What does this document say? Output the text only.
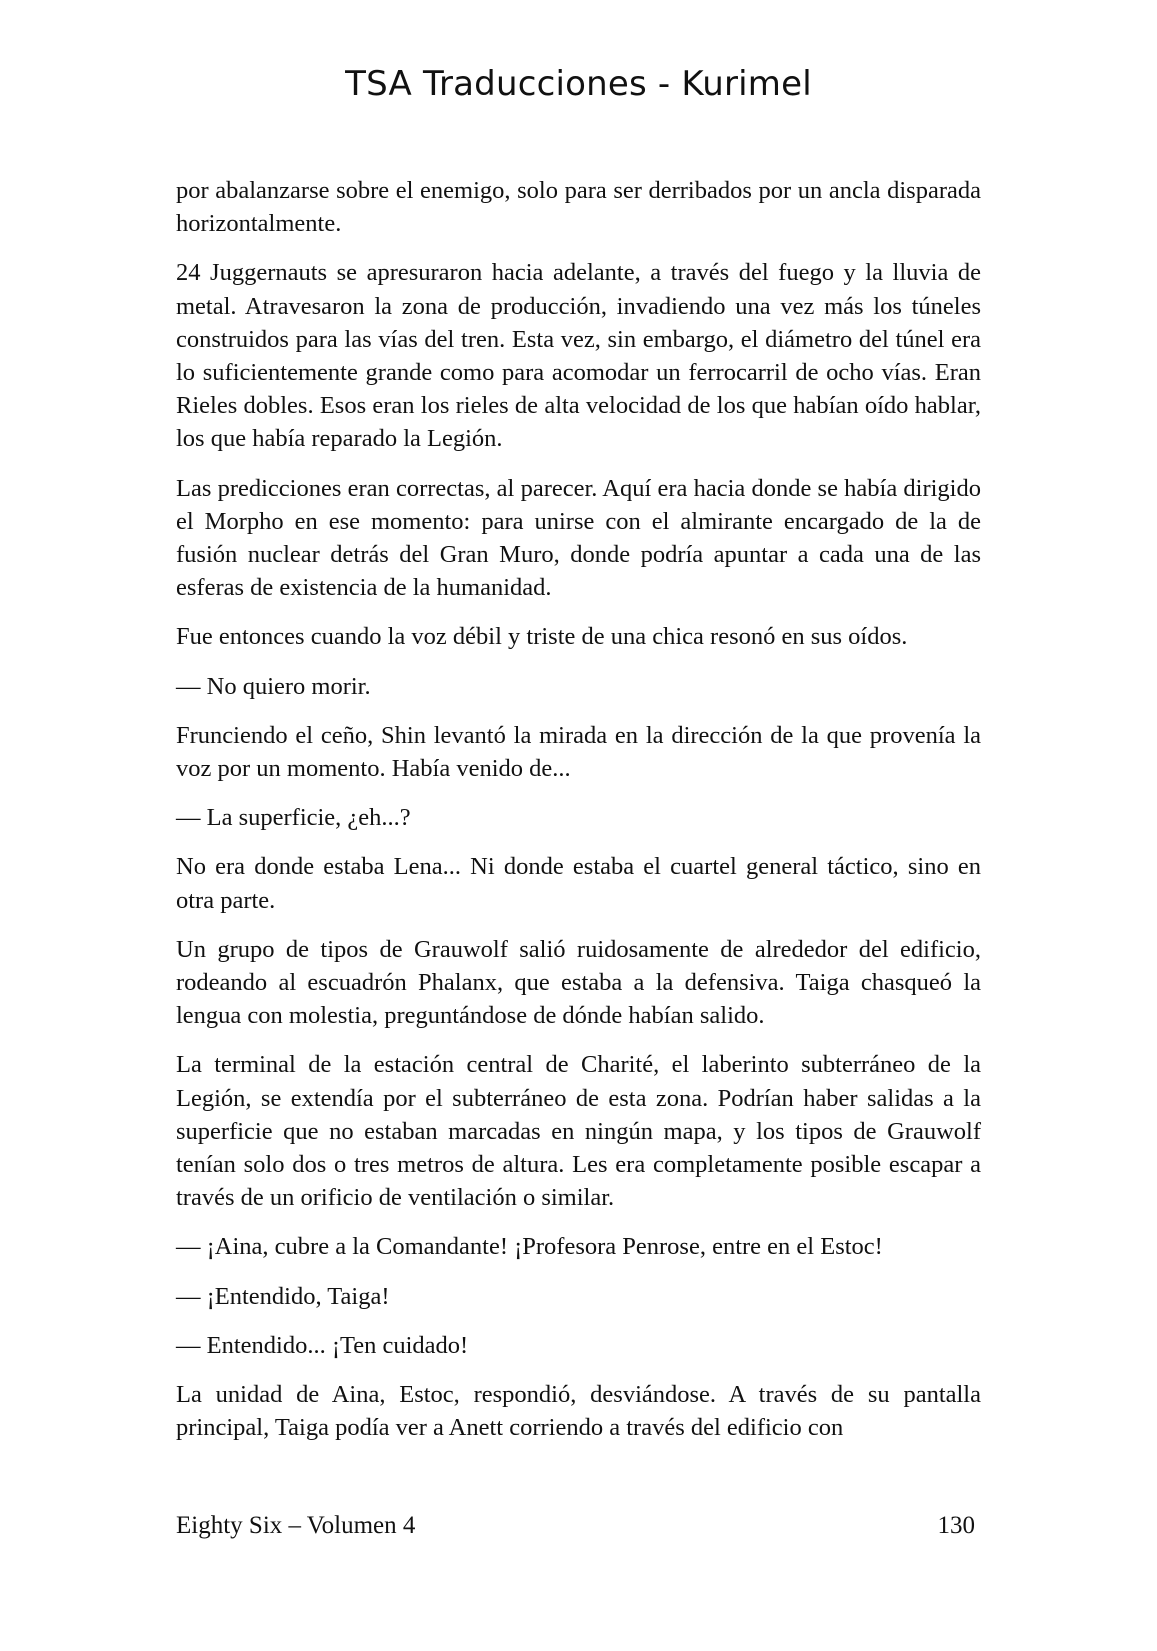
TSA Traducciones - Kurimel

por abalanzarse sobre el enemigo, solo para ser derribados por un ancla disparada horizontalmente.

24 Juggernauts se apresuraron hacia adelante, a través del fuego y la lluvia de metal. Atravesaron la zona de producción, invadiendo una vez más los túneles construidos para las vías del tren. Esta vez, sin embargo, el diámetro del túnel era lo suficientemente grande como para acomodar un ferrocarril de ocho vías. Eran Rieles dobles. Esos eran los rieles de alta velocidad de los que habían oído hablar, los que había reparado la Legión.

Las predicciones eran correctas, al parecer. Aquí era hacia donde se había dirigido el Morpho en ese momento: para unirse con el almirante encargado de la de fusión nuclear detrás del Gran Muro, donde podría apuntar a cada una de las esferas de existencia de la humanidad.

Fue entonces cuando la voz débil y triste de una chica resonó en sus oídos.

— No quiero morir.

Frunciendo el ceño, Shin levantó la mirada en la dirección de la que provenía la voz por un momento. Había venido de...

— La superficie, ¿eh...?

No era donde estaba Lena... Ni donde estaba el cuartel general táctico, sino en otra parte.

Un grupo de tipos de Grauwolf salió ruidosamente de alrededor del edificio, rodeando al escuadrón Phalanx, que estaba a la defensiva. Taiga chasqueó la lengua con molestia, preguntándose de dónde habían salido.

La terminal de la estación central de Charité, el laberinto subterráneo de la Legión, se extendía por el subterráneo de esta zona. Podrían haber salidas a la superficie que no estaban marcadas en ningún mapa, y los tipos de Grauwolf tenían solo dos o tres metros de altura. Les era completamente posible escapar a través de un orificio de ventilación o similar.

— ¡Aina, cubre a la Comandante! ¡Profesora Penrose, entre en el Estoc!

— ¡Entendido, Taiga!

— Entendido... ¡Ten cuidado!

La unidad de Aina, Estoc, respondió, desviándose. A través de su pantalla principal, Taiga podía ver a Anett corriendo a través del edificio con

Eighty Six – Volumen 4	130
